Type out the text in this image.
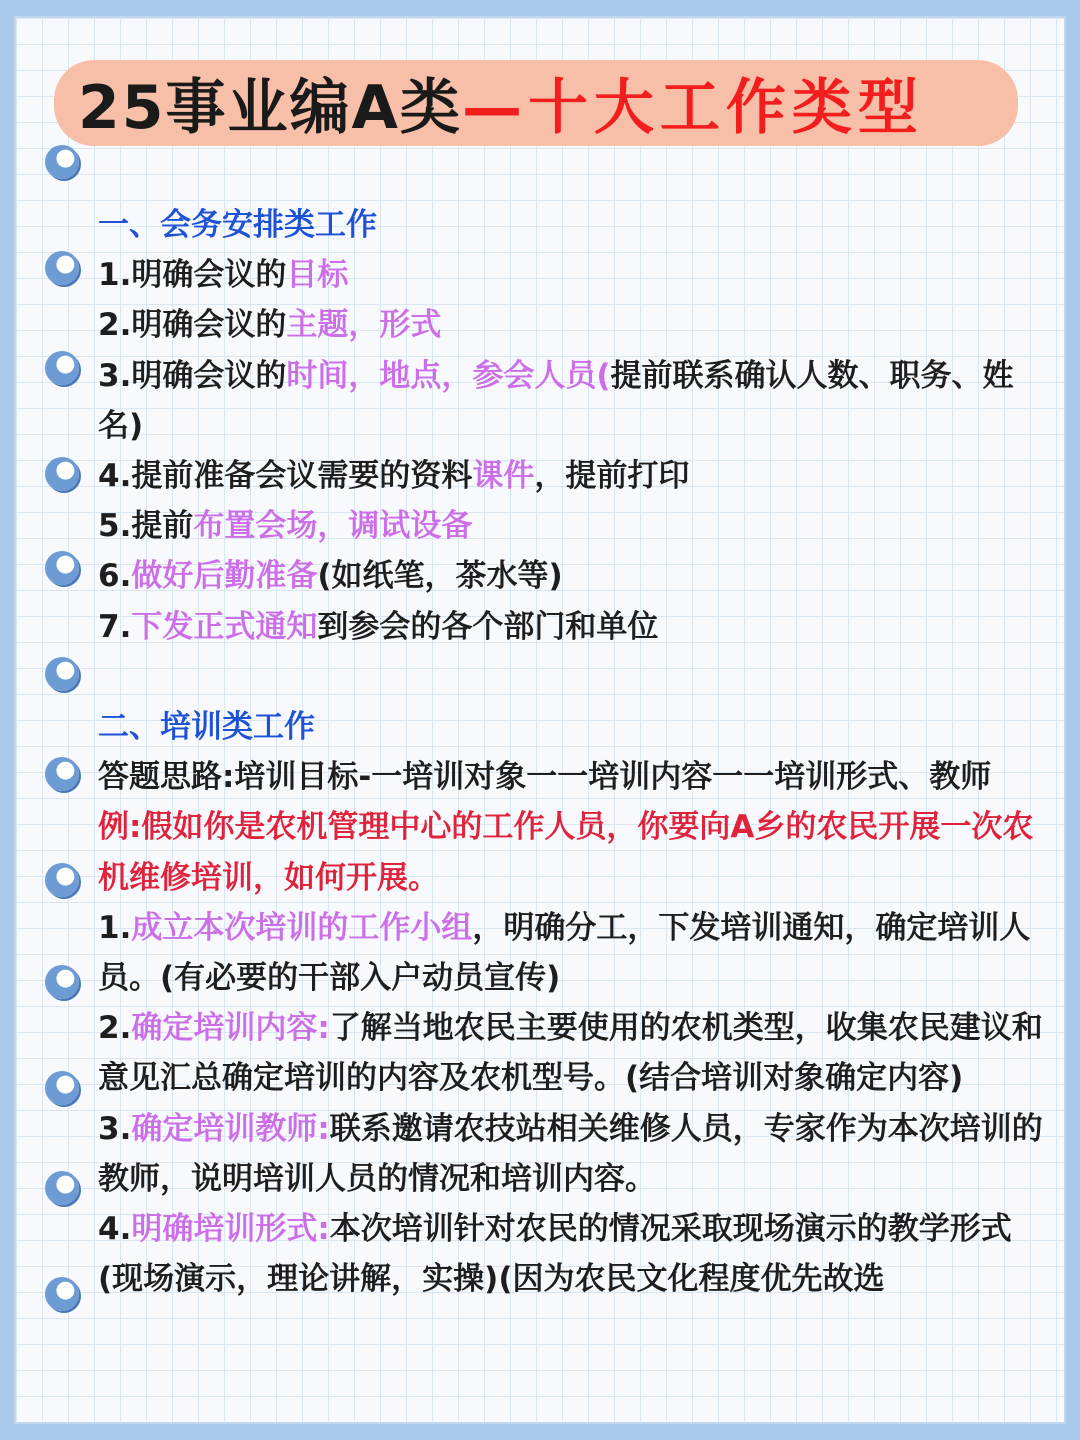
25事业编A类 —十大工作类型

一、会务安排类工作

1.明确会议的目标

2.明确会议的主题，形式

3.明确会议的时间，地点，参会人员(提前联系确认人数、职务、姓名)

4.提前准备会议需要的资料课件，提前打印

5.提前布置会场，调试设备

6.做好后勤准备(如纸笔，茶水等)

7.下发正式通知到参会的各个部门和单位

二、培训类工作

答题思路:培训目标-一培训对象一一培训内容一一培训形式、教师

例:假如你是农机管理中心的工作人员，你要向A乡的农民开展一次农机维修培训，如何开展。

1.成立本次培训的工作小组，明确分工，下发培训通知，确定培训人员。(有必要的干部入户动员宣传)

2.确定培训内容:了解当地农民主要使用的农机类型，收集农民建议和意见汇总确定培训的内容及农机型号。(结合培训对象确定内容)

3.确定培训教师:联系邀请农技站相关维修人员，专家作为本次培训的教师，说明培训人员的情况和培训内容。

4.明确培训形式:本次培训针对农民的情况采取现场演示的教学形式(现场演示，理论讲解，实操)(因为农民文化程度优先故选
